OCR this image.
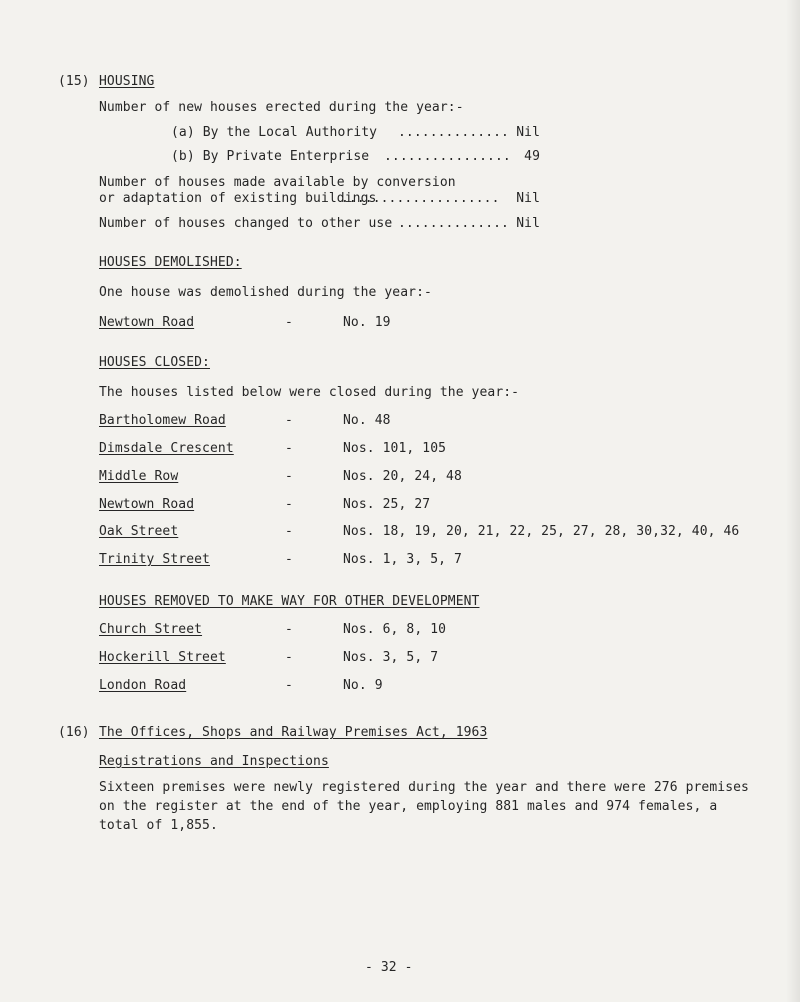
(15) HOUSING
Number of new houses erected during the year:-
(a) By the Local Authority .............. Nil
(b) By Private Enterprise ................	49
Number of houses made available by conversion
or adaptation of existing buildings
....................	Nil
Number of houses changed to other use .............. Nil
HOUSES DEMOLISHED:
One house was demolished during the year:-
Newtown Road	-	No. 19
HOUSES CLOSED:
The houses listed below were closed during the year:-
Bartholomew Road	-	No. 48
Dimsdale Crescent	-	Nos. 101, 105
Middle Row	-	Nos. 20, 24, 48
Newtown Road	-	Nos. 25, 27
Oak Street	-	Nos. 18, 19, 20, 21, 22, 25, 27, 28, 30,32, 40, 46
Trinity Street	-	Nos. 1, 3, 5, 7
HOUSES REMOVED TO MAKE WAY FOR OTHER DEVELOPMENT
Church Street	-	Nos. 6, 8, 10
Hockerill Street	-	Nos. 3, 5, 7
London Road	-	No. 9
(16) The Offices, Shops and Railway Premises Act, 1963
Registrations and Inspections
Sixteen premises were newly registered during the year and there were 276 premises
on the register at the end of the year, employing 881 males and 974 females, a
total of 1,855.
- 32 -
